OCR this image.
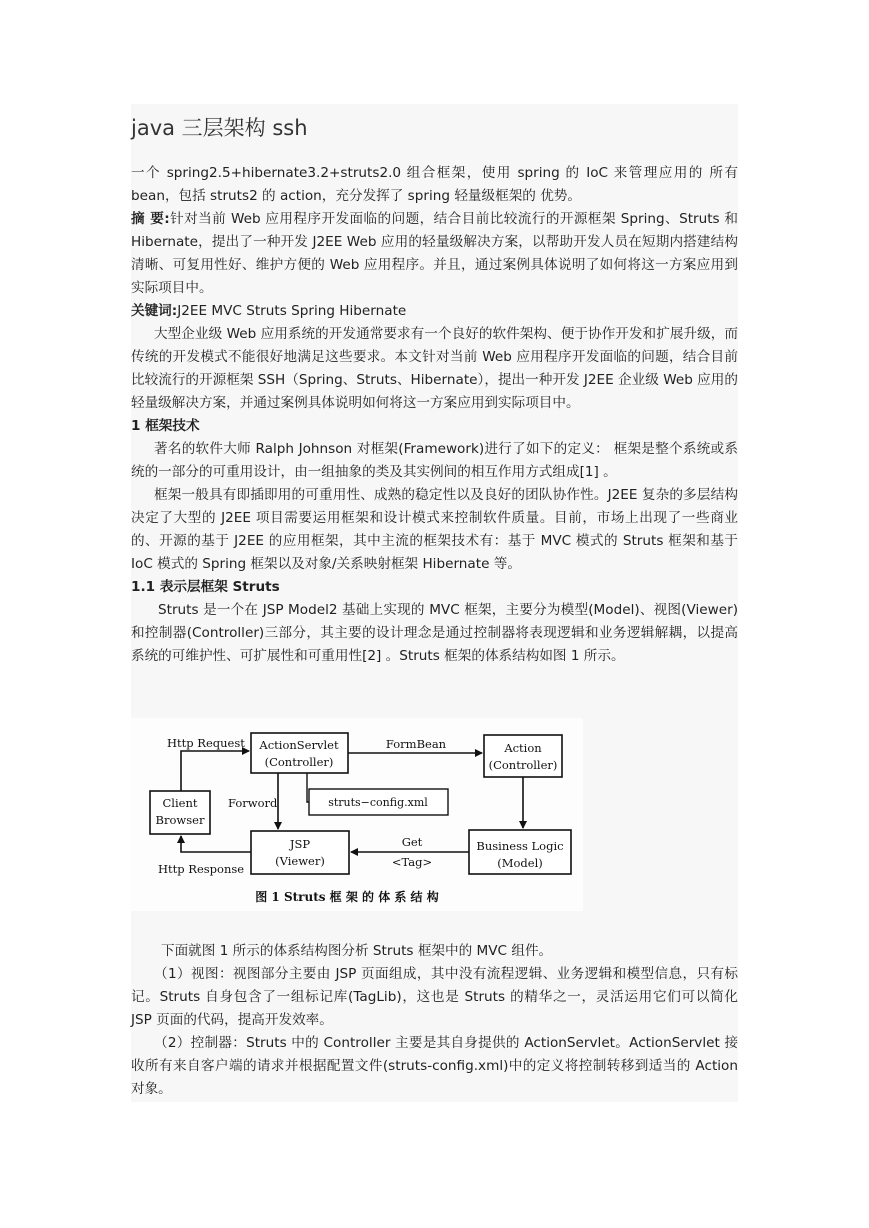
java 三层架构 ssh

一个 spring2.5+hibernate3.2+struts2.0 组合框架，使用 spring 的 IoC 来管理应用的 所有 bean，包括 struts2 的 action，充分发挥了 spring 轻量级框架的 优势。

摘 要:针对当前 Web 应用程序开发面临的问题，结合目前比较流行的开源框架 Spring、Struts 和 Hibernate，提出了一种开发 J2EE Web 应用的轻量级解决方案，以帮助开发人员在短期内搭建结构清晰、可复用性好、维护方便的 Web 应用程序。并且，通过案例具体说明了如何将这一方案应用到实际项目中。

关键词:J2EE MVC Struts Spring Hibernate

大型企业级 Web 应用系统的开发通常要求有一个良好的软件架构、便于协作开发和扩展升级，而传统的开发模式不能很好地满足这些要求。本文针对当前 Web 应用程序开发面临的问题，结合目前比较流行的开源框架 SSH（Spring、Struts、Hibernate），提出一种开发 J2EE 企业级 Web 应用的轻量级解决方案，并通过案例具体说明如何将这一方案应用到实际项目中。

1 框架技术

著名的软件大师 Ralph Johnson 对框架(Framework)进行了如下的定义： 框架是整个系统或系统的一部分的可重用设计，由一组抽象的类及其实例间的相互作用方式组成[1] 。

框架一般具有即插即用的可重用性、成熟的稳定性以及良好的团队协作性。J2EE 复杂的多层结构决定了大型的 J2EE 项目需要运用框架和设计模式来控制软件质量。目前，市场上出现了一些商业的、开源的基于 J2EE 的应用框架，其中主流的框架技术有：基于 MVC 模式的 Struts 框架和基于 IoC 模式的 Spring 框架以及对象/关系映射框架 Hibernate 等。

1.1 表示层框架 Struts

Struts 是一个在 JSP Model2 基础上实现的 MVC 框架，主要分为模型(Model)、视图(Viewer)和控制器(Controller)三部分，其主要的设计理念是通过控制器将表现逻辑和业务逻辑解耦，以提高系统的可维护性、可扩展性和可重用性[2] 。Struts 框架的体系结构如图 1 所示。

Http Request ActionServlet
(Controller)
FormBean	Action
(Controller)
Client
Browser
Forword	struts−config.xml
JSP
(Viewer)
Get
<Tag>
Business Logic
(Model)
Http Response
图 1 Struts 框 架 的 体 系 结 构

下面就图 1 所示的体系结构图分析 Struts 框架中的 MVC 组件。

（1）视图：视图部分主要由 JSP 页面组成，其中没有流程逻辑、业务逻辑和模型信息，只有标记。Struts 自身包含了一组标记库(TagLib)，这也是 Struts 的精华之一，灵活运用它们可以简化 JSP 页面的代码，提高开发效率。

（2）控制器：Struts 中的 Controller 主要是其自身提供的 ActionServlet。ActionServlet 接收所有来自客户端的请求并根据配置文件(struts-config.xml)中的定义将控制转移到适当的 Action 对象。
